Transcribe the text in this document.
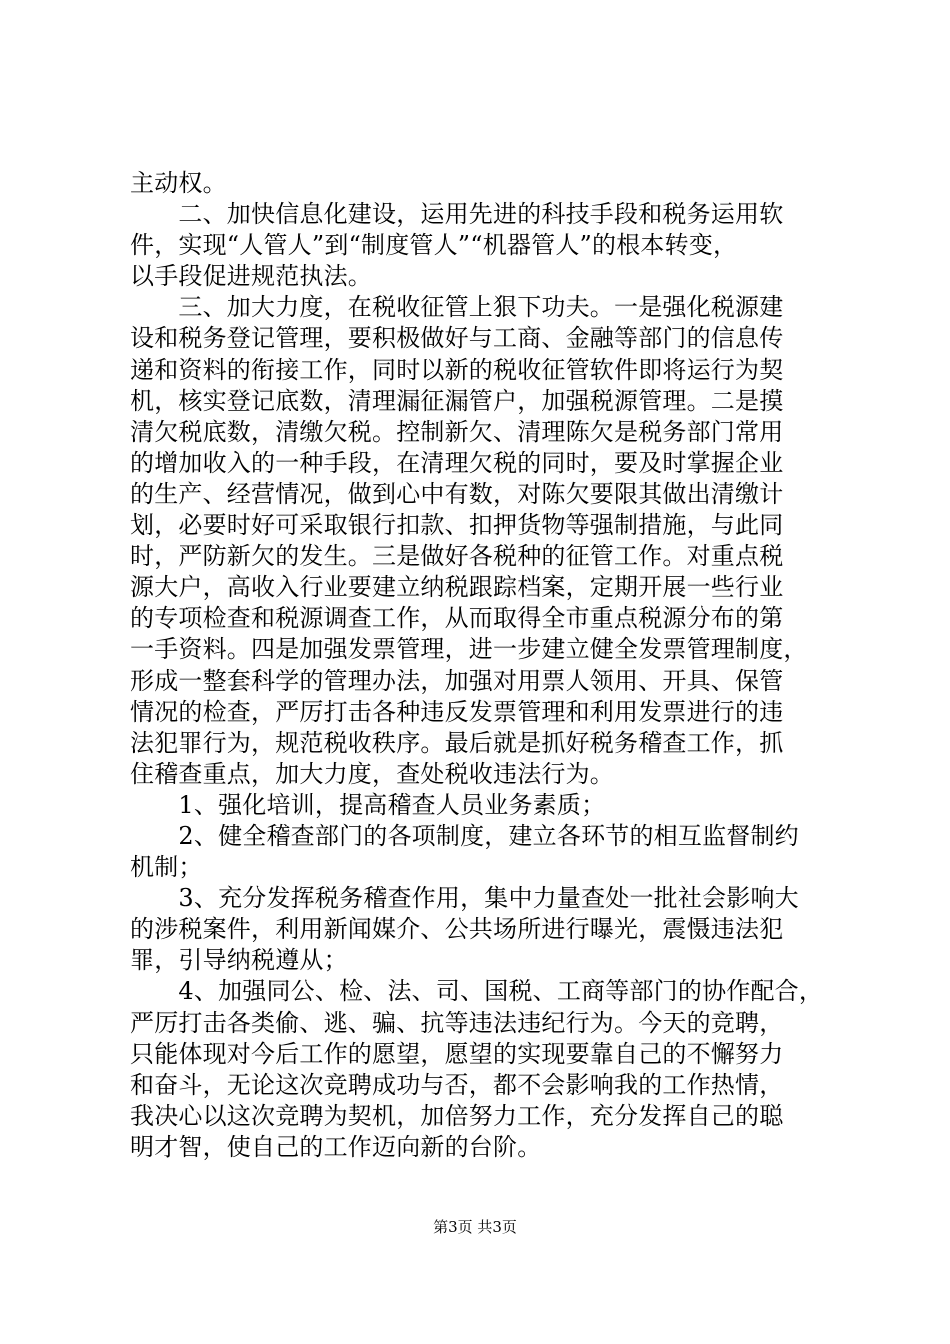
主动权。
　　二、加快信息化建设，运用先进的科技手段和税务运用软
件，实现“人管人”到“制度管人”“机器管人”的根本转变，
以手段促进规范执法。
　　三、加大力度，在税收征管上狠下功夫。一是强化税源建
设和税务登记管理，要积极做好与工商、金融等部门的信息传
递和资料的衔接工作，同时以新的税收征管软件即将运行为契
机，核实登记底数，清理漏征漏管户，加强税源管理。二是摸
清欠税底数，清缴欠税。控制新欠、清理陈欠是税务部门常用
的增加收入的一种手段，在清理欠税的同时，要及时掌握企业
的生产、经营情况，做到心中有数，对陈欠要限其做出清缴计
划，必要时好可采取银行扣款、扣押货物等强制措施，与此同
时，严防新欠的发生。三是做好各税种的征管工作。对重点税
源大户，高收入行业要建立纳税跟踪档案，定期开展一些行业
的专项检查和税源调查工作，从而取得全市重点税源分布的第
一手资料。四是加强发票管理，进一步建立健全发票管理制度，
形成一整套科学的管理办法，加强对用票人领用、开具、保管
情况的检查，严厉打击各种违反发票管理和利用发票进行的违
法犯罪行为，规范税收秩序。最后就是抓好税务稽查工作，抓
住稽查重点，加大力度，查处税收违法行为。
　　1、强化培训，提高稽查人员业务素质；
　　2、健全稽查部门的各项制度，建立各环节的相互监督制约
机制；
　　3、充分发挥税务稽查作用，集中力量查处一批社会影响大
的涉税案件，利用新闻媒介、公共场所进行曝光，震慑违法犯
罪，引导纳税遵从；
　　4、加强同公、检、法、司、国税、工商等部门的协作配合，
严厉打击各类偷、逃、骗、抗等违法违纪行为。今天的竞聘，
只能体现对今后工作的愿望，愿望的实现要靠自己的不懈努力
和奋斗，无论这次竞聘成功与否，都不会影响我的工作热情，
我决心以这次竞聘为契机，加倍努力工作，充分发挥自己的聪
明才智，使自己的工作迈向新的台阶。
第3页 共3页
